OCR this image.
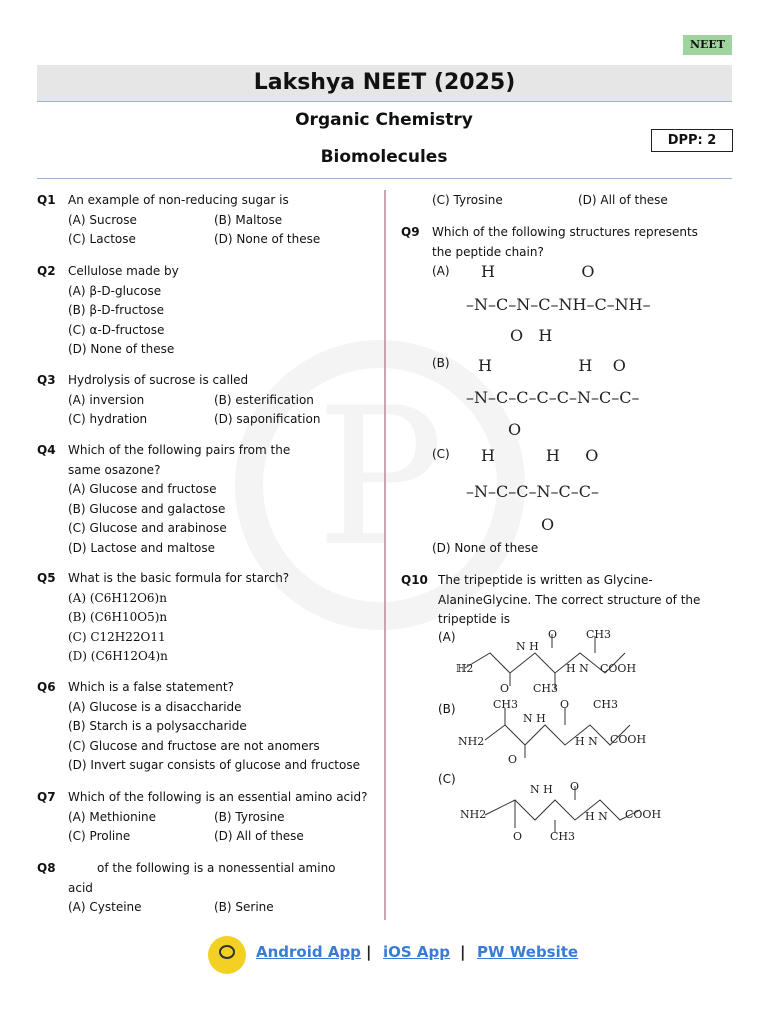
NEET
Lakshya NEET (2025)
Organic Chemistry
Biomolecules
DPP: 2
Q1 An example of non-reducing sugar is
(A) Sucrose	(B) Maltose
(C) Lactose	(D) None of these
Q2 Cellulose made by
(A) β-D-glucose
(B) β-D-fructose
(C) α-D-fructose
(D) None of these
Q3 Hydrolysis of sucrose is called
(A) inversion	(B) esterification
(C) hydration	(D) saponification
Q4 Which of the following pairs from the same osazone?
(A) Glucose and fructose
(B) Glucose and galactose
(C) Glucose and arabinose
(D) Lactose and maltose
Q5 What is the basic formula for starch?
(A) (C6H12O6)n
(B) (C6H10O5)n
(C) C12H22O11
(D) (C6H12O4)n
Q6 Which is a false statement?
(A) Glucose is a disaccharide
(B) Starch is a polysaccharide
(C) Glucose and fructose are not anomers
(D) Invert sugar consists of glucose and fructose
Q7 Which of the following is an essential amino acid?
(A) Methionine	(B) Tyrosine
(C) Proline	(D) All of these
Q8	of the following is a nonessential amino
acid
(A) Cysteine	(B) Serine
(C) Tyrosine	(D) All of these
Q9 Which of the following structures represents the peptide chain?
(A) H                 O
–N–C–N–C–NH–C–NH–
O   H
(B) H                 H    O
–N–C–C–C–C–N–C–C–
O
(C) H          H     O
–N–C–C–N–C–C–
O
(D) None of these
Q10 The tripeptide is written as Glycine-AlanineGlycine. The correct structure of the tripeptide is
(A)
ℍ2
N H
O	CH3
H N COOH
O CH3
(B)
NH2
CH3
N H
O CH3
H N COOH
O
(C)
NH2
N H O
H N COOH
O	CH3
Android App | iOS App | PW Website
